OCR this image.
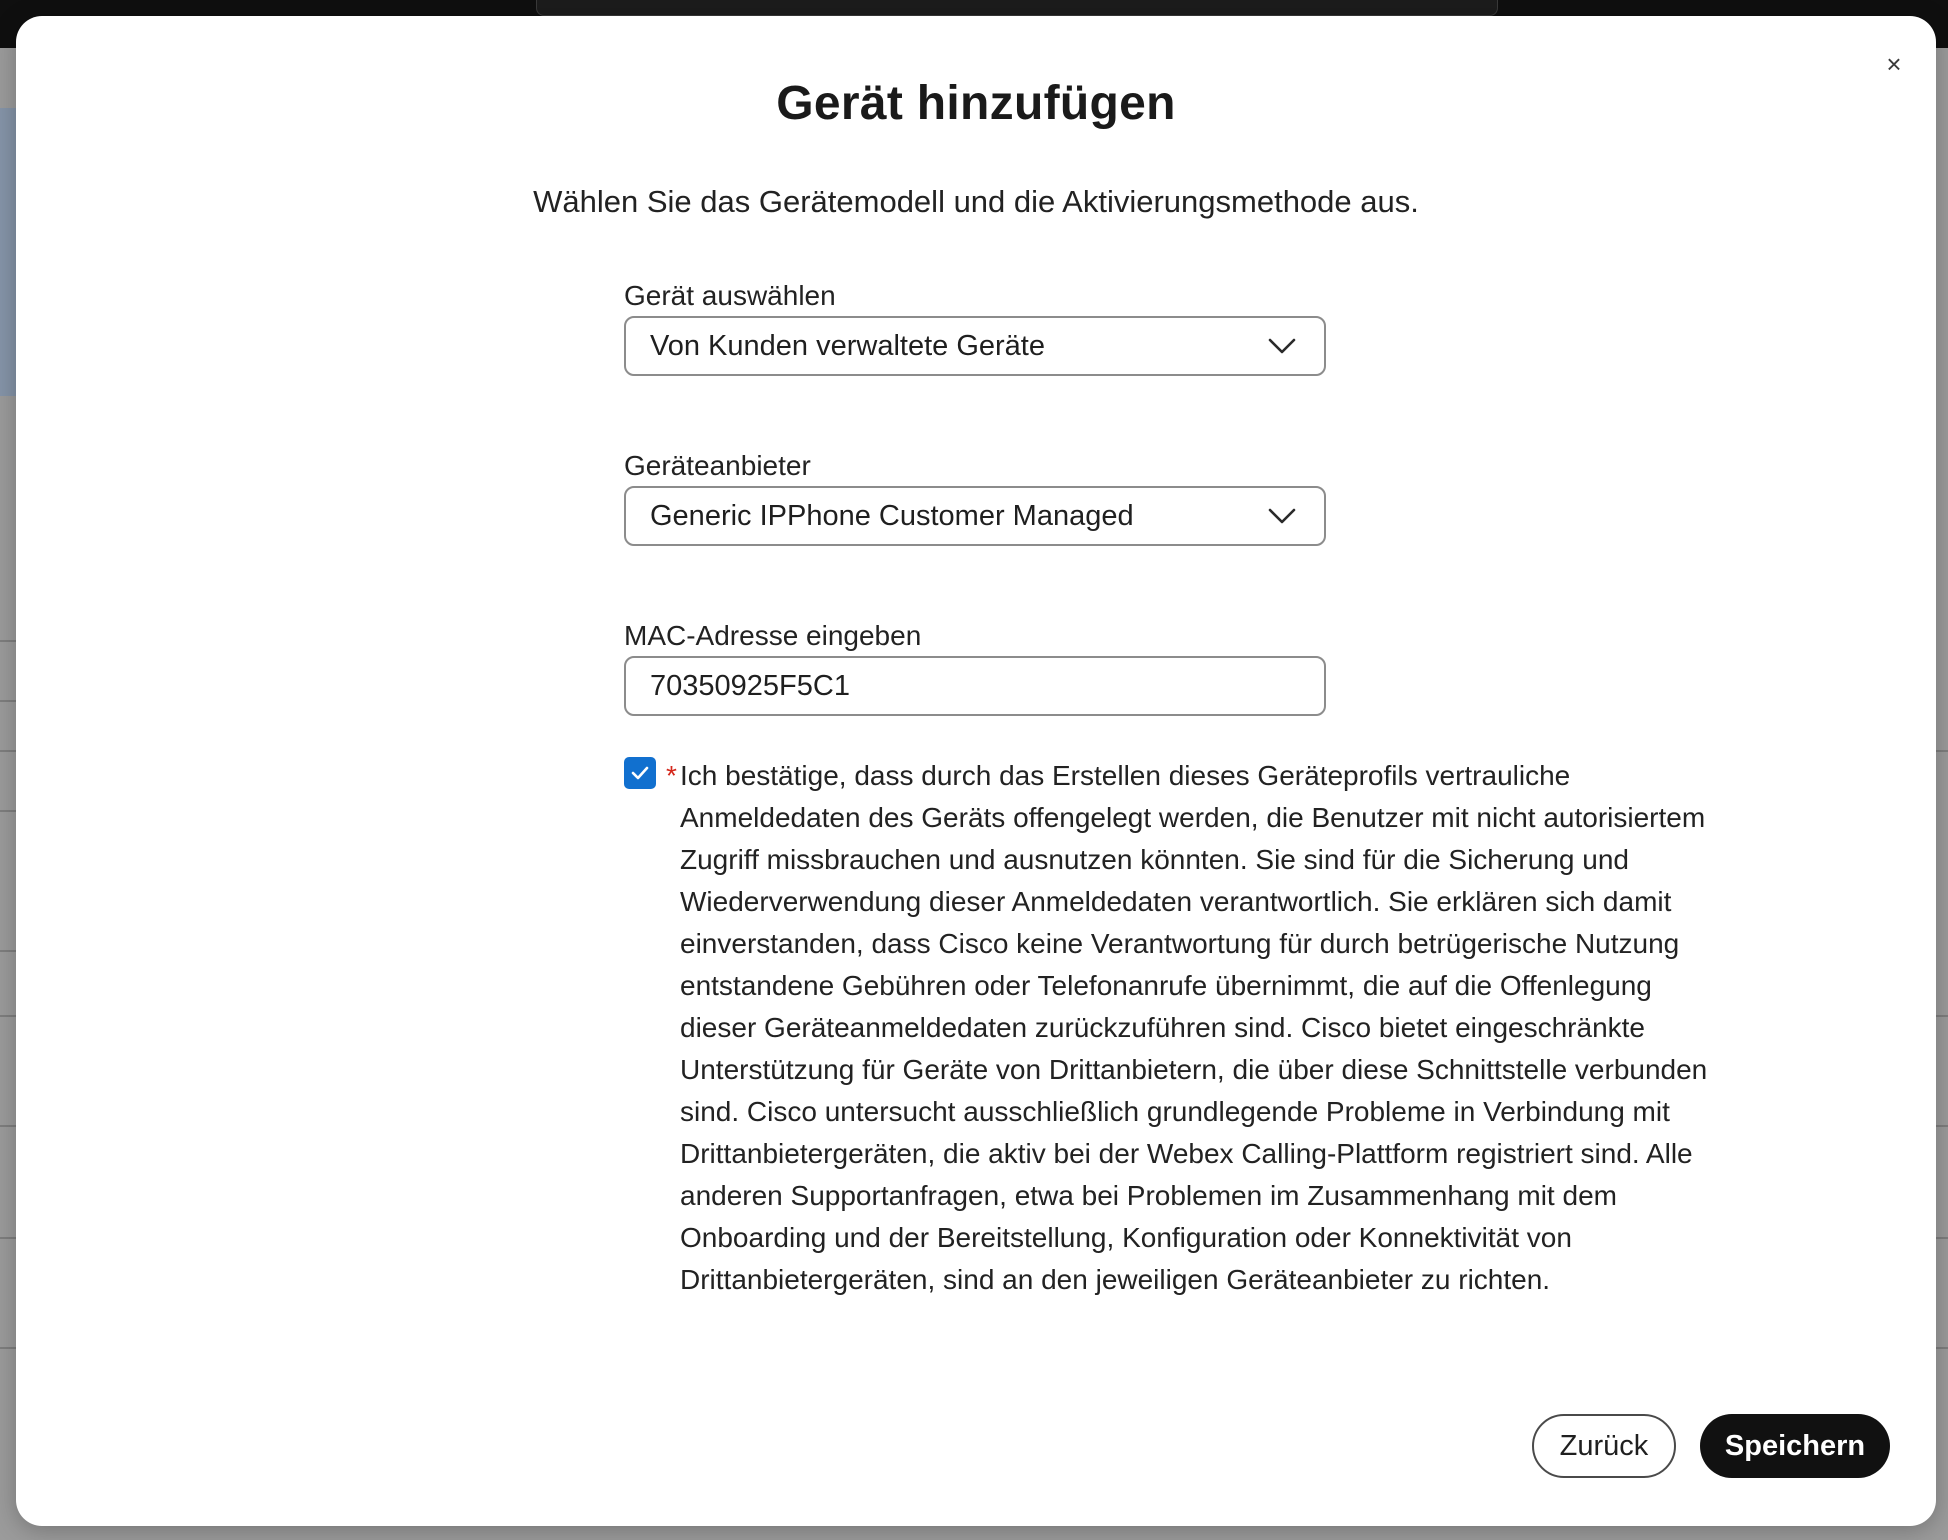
×
Gerät hinzufügen
Wählen Sie das Gerätemodell und die Aktivierungsmethode aus.
Gerät auswählen
Von Kunden verwaltete Geräte
Geräteanbieter
Generic IPPhone Customer Managed
MAC-Adresse eingeben
70350925F5C1
* Ich bestätige, dass durch das Erstellen dieses Geräteprofils vertrauliche Anmeldedaten des Geräts offengelegt werden, die Benutzer mit nicht autorisiertem Zugriff missbrauchen und ausnutzen könnten. Sie sind für die Sicherung und Wiederverwendung dieser Anmeldedaten verantwortlich. Sie erklären sich damit einverstanden, dass Cisco keine Verantwortung für durch betrügerische Nutzung entstandene Gebühren oder Telefonanrufe übernimmt, die auf die Offenlegung dieser Geräteanmeldedaten zurückzuführen sind. Cisco bietet eingeschränkte Unterstützung für Geräte von Drittanbietern, die über diese Schnittstelle verbunden sind. Cisco untersucht ausschließlich grundlegende Probleme in Verbindung mit Drittanbietergeräten, die aktiv bei der Webex Calling-Plattform registriert sind. Alle anderen Supportanfragen, etwa bei Problemen im Zusammenhang mit dem Onboarding und der Bereitstellung, Konfiguration oder Konnektivität von Drittanbietergeräten, sind an den jeweiligen Geräteanbieter zu richten.
Zurück	Speichern
